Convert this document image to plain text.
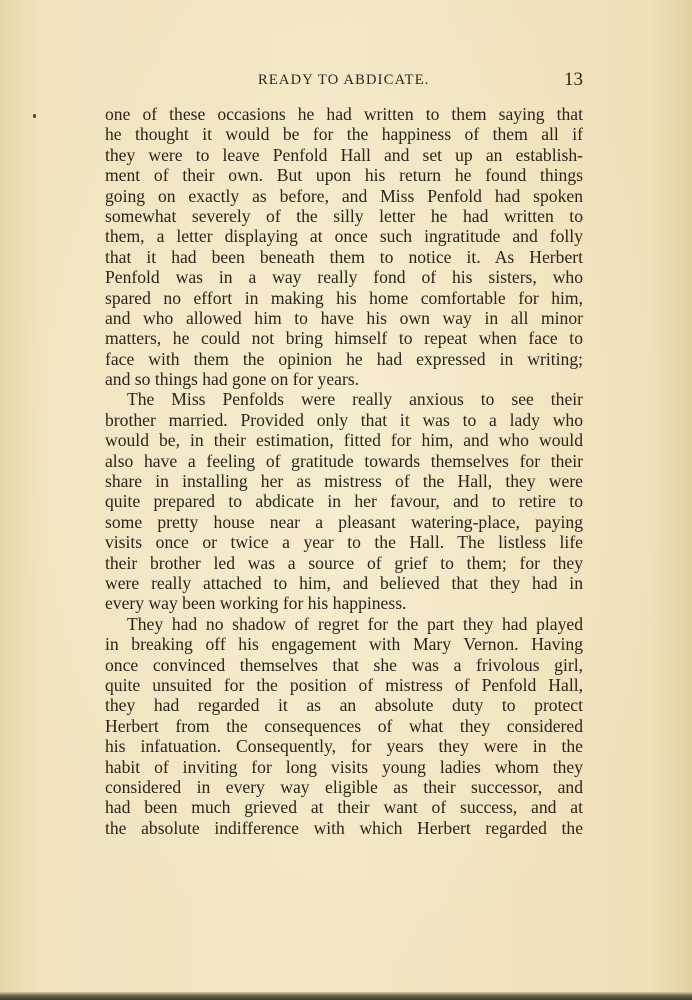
READY TO ABDICATE.	13
one of these occasions he had written to them saying that
he thought it would be for the happiness of them all if
they were to leave Penfold Hall and set up an establish-
ment of their own. But upon his return he found things
going on exactly as before, and Miss Penfold had spoken
somewhat severely of the silly letter he had written to
them, a letter displaying at once such ingratitude and folly
that it had been beneath them to notice it. As Herbert
Penfold was in a way really fond of his sisters, who
spared no effort in making his home comfortable for him,
and who allowed him to have his own way in all minor
matters, he could not bring himself to repeat when face to
face with them the opinion he had expressed in writing;
and so things had gone on for years.
The Miss Penfolds were really anxious to see their
brother married. Provided only that it was to a lady who
would be, in their estimation, fitted for him, and who would
also have a feeling of gratitude towards themselves for their
share in installing her as mistress of the Hall, they were
quite prepared to abdicate in her favour, and to retire to
some pretty house near a pleasant watering-place, paying
visits once or twice a year to the Hall. The listless life
their brother led was a source of grief to them; for they
were really attached to him, and believed that they had in
every way been working for his happiness.
They had no shadow of regret for the part they had played
in breaking off his engagement with Mary Vernon. Having
once convinced themselves that she was a frivolous girl,
quite unsuited for the position of mistress of Penfold Hall,
they had regarded it as an absolute duty to protect
Herbert from the consequences of what they considered
his infatuation. Consequently, for years they were in the
habit of inviting for long visits young ladies whom they
considered in every way eligible as their successor, and
had been much grieved at their want of success, and at
the absolute indifference with which Herbert regarded the
